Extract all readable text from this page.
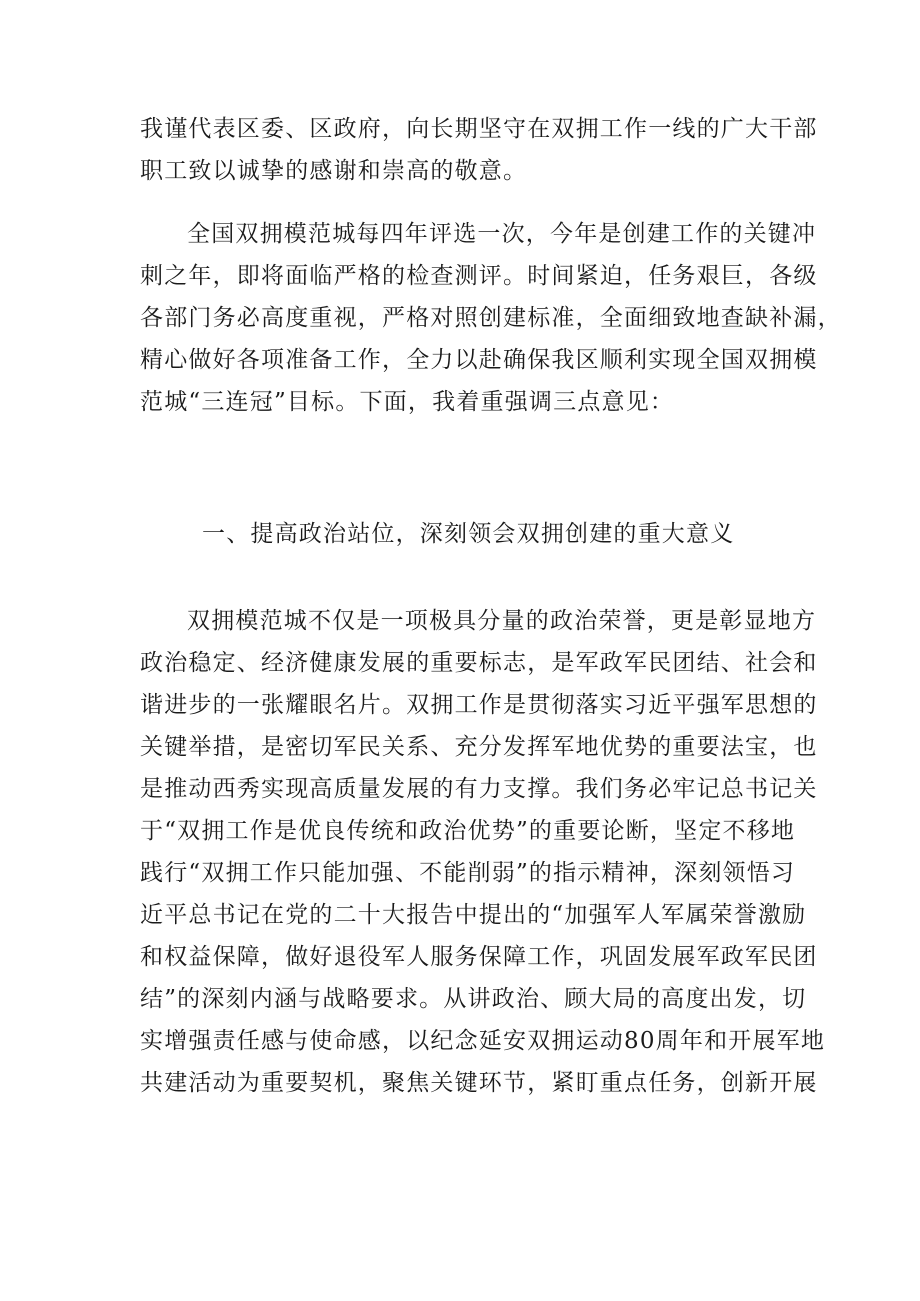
我谨代表区委、区政府，向长期坚守在双拥工作一线的广大干部
职工致以诚挚的感谢和崇高的敬意。
全国双拥模范城每四年评选一次，今年是创建工作的关键冲
刺之年，即将面临严格的检查测评。时间紧迫，任务艰巨，各级
各部门务必高度重视，严格对照创建标准，全面细致地查缺补漏，
精心做好各项准备工作，全力以赴确保我区顺利实现全国双拥模
范城“三连冠”目标。下面，我着重强调三点意见：
一、提高政治站位，深刻领会双拥创建的重大意义
双拥模范城不仅是一项极具分量的政治荣誉，更是彰显地方
政治稳定、经济健康发展的重要标志，是军政军民团结、社会和
谐进步的一张耀眼名片。双拥工作是贯彻落实习近平强军思想的
关键举措，是密切军民关系、充分发挥军地优势的重要法宝，也
是推动西秀实现高质量发展的有力支撑。我们务必牢记总书记关
于“双拥工作是优良传统和政治优势”的重要论断，坚定不移地
践行“双拥工作只能加强、不能削弱”的指示精神，深刻领悟习
近平总书记在党的二十大报告中提出的“加强军人军属荣誉激励
和权益保障，做好退役军人服务保障工作，巩固发展军政军民团
结”的深刻内涵与战略要求。从讲政治、顾大局的高度出发，切
实增强责任感与使命感，以纪念延安双拥运动80周年和开展军地
共建活动为重要契机，聚焦关键环节，紧盯重点任务，创新开展
